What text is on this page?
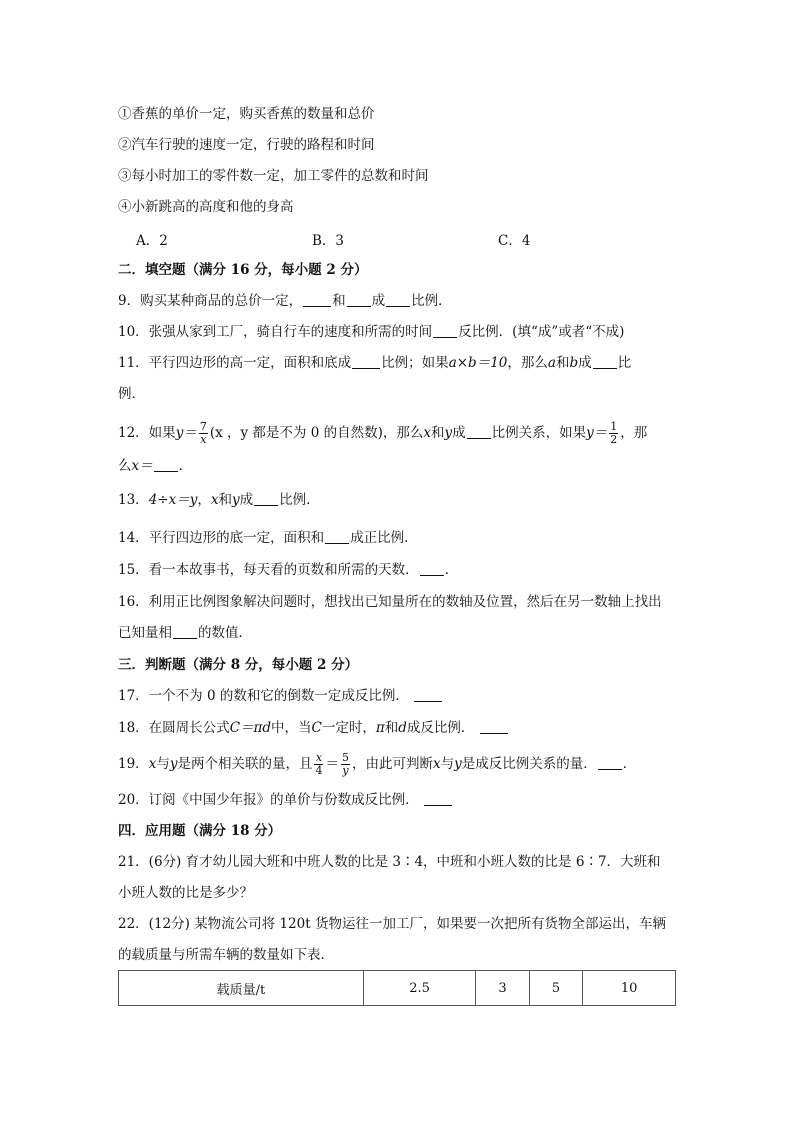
①香蕉的单价一定，购买香蕉的数量和总价
②汽车行驶的速度一定，行驶的路程和时间
③每小时加工的零件数一定，加工零件的总数和时间
④小新跳高的高度和他的身高
A．2	B．3	C．4
二．填空题（满分 16 分，每小题 2 分）
9．购买某种商品的总价一定， 和 成 比例．
10．张强从家到工厂，骑自行车的速度和所需的时间 反比例．(填“成”或者“不成)
11．平行四边形的高一定，面积和底成 比例；如果a×b＝10，那么a和b成 比
例．
12．如果$y= \frac{7}{x} (x$ ，y 都是不为 0 的自然数)，那么x和y成 比例关系，如果$y= \frac{1}{2}$ ，那
么x＝ ．
13．4÷x＝y，x和y成 比例．
14．平行四边形的底一定，面积和 成正比例．
15．看一本故事书，每天看的页数和所需的天数． ．
16．利用正比例图象解决问题时，想找出已知量所在的数轴及位置，然后在另一数轴上找出
已知量相 的数值．
三．判断题（满分 8 分，每小题 2 分）
17．一个不为 0 的数和它的倒数一定成反比例．
18．在圆周长公式C＝πd中，当C一定时，π和d成反比例．
19．x与y是两个相关联的量，且 $\frac{x}{4} = \frac{5}{y}$ ，由此可判断x与y是成反比例关系的量． ．
20．订阅《中国少年报》的单价与份数成反比例．
四．应用题（满分 18 分）
21．(6分) 育才幼儿园大班和中班人数的比是 3∶4，中班和小班人数的比是 6∶7．大班和
小班人数的比是多少？
22．(12分) 某物流公司将 120t 货物运往一加工厂，如果要一次把所有货物全部运出，车辆
的载质量与所需车辆的数量如下表．
载质量/t	2.5	3	5	10
